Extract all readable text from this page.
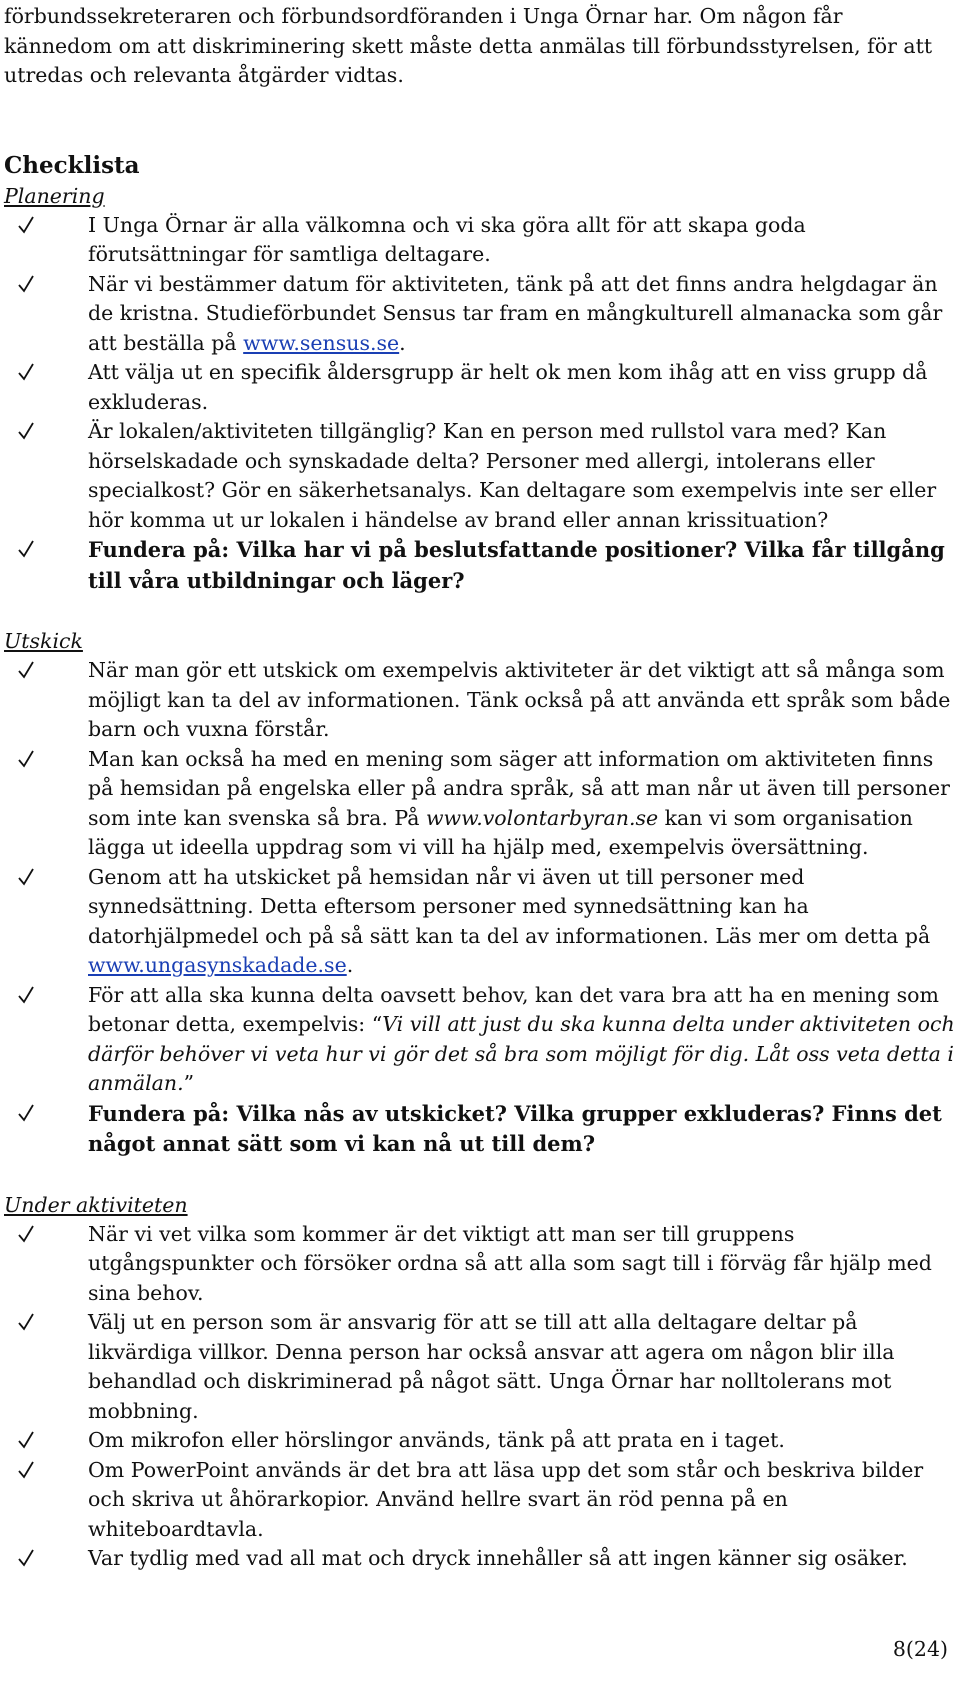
förbundssekreteraren och förbundsordföranden i Unga Örnar har. Om någon får kännedom om att diskriminering skett måste detta anmälas till förbundsstyrelsen, för att utredas och relevanta åtgärder vidtas.

Checklista

Planering

I Unga Örnar är alla välkomna och vi ska göra allt för att skapa goda förutsättningar för samtliga deltagare.
När vi bestämmer datum för aktiviteten, tänk på att det finns andra helgdagar än de kristna. Studieförbundet Sensus tar fram en mångkulturell almanacka som går att beställa på www.sensus.se.
Att välja ut en specifik åldersgrupp är helt ok men kom ihåg att en viss grupp då exkluderas.
Är lokalen/aktiviteten tillgänglig? Kan en person med rullstol vara med? Kan hörselskadade och synskadade delta? Personer med allergi, intolerans eller specialkost? Gör en säkerhetsanalys. Kan deltagare som exempelvis inte ser eller hör komma ut ur lokalen i händelse av brand eller annan krissituation?
Fundera på: Vilka har vi på beslutsfattande positioner? Vilka får tillgång till våra utbildningar och läger?

Utskick

När man gör ett utskick om exempelvis aktiviteter är det viktigt att så många som möjligt kan ta del av informationen. Tänk också på att använda ett språk som både barn och vuxna förstår.
Man kan också ha med en mening som säger att information om aktiviteten finns på hemsidan på engelska eller på andra språk, så att man når ut även till personer som inte kan svenska så bra. På www.volontarbyran.se kan vi som organisation lägga ut ideella uppdrag som vi vill ha hjälp med, exempelvis översättning.
Genom att ha utskicket på hemsidan når vi även ut till personer med synnedsättning. Detta eftersom personer med synnedsättning kan ha datorhjälpmedel och på så sätt kan ta del av informationen. Läs mer om detta på www.ungasynskadade.se.
För att alla ska kunna delta oavsett behov, kan det vara bra att ha en mening som betonar detta, exempelvis: “Vi vill att just du ska kunna delta under aktiviteten och därför behöver vi veta hur vi gör det så bra som möjligt för dig. Låt oss veta detta i anmälan.”
Fundera på: Vilka nås av utskicket? Vilka grupper exkluderas? Finns det något annat sätt som vi kan nå ut till dem?

Under aktiviteten

När vi vet vilka som kommer är det viktigt att man ser till gruppens utgångspunkter och försöker ordna så att alla som sagt till i förväg får hjälp med sina behov.
Välj ut en person som är ansvarig för att se till att alla deltagare deltar på likvärdiga villkor. Denna person har också ansvar att agera om någon blir illa behandlad och diskriminerad på något sätt. Unga Örnar har nolltolerans mot mobbning.
Om mikrofon eller hörslingor används, tänk på att prata en i taget.
Om PowerPoint används är det bra att läsa upp det som står och beskriva bilder och skriva ut åhörarkopior. Använd hellre svart än röd penna på en whiteboardtavla.
Var tydlig med vad all mat och dryck innehåller så att ingen känner sig osäker.
8(24)
